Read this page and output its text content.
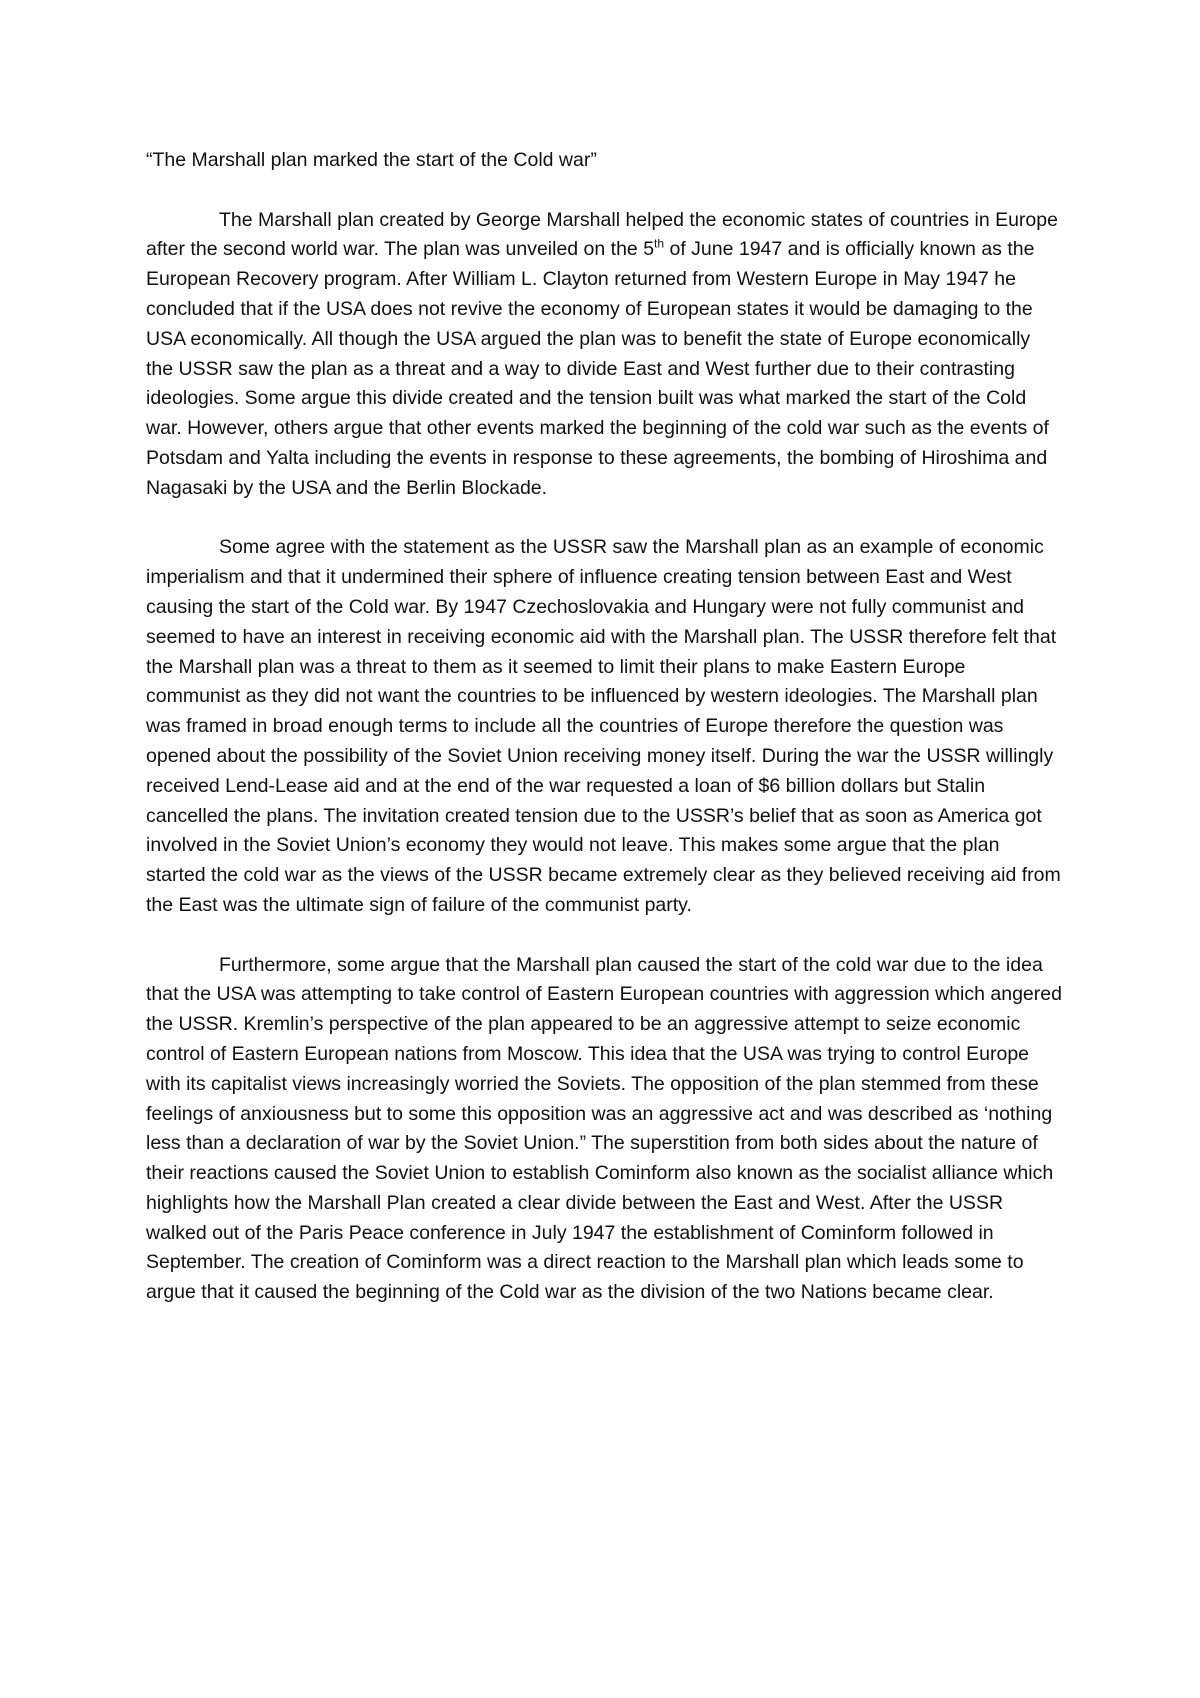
“The Marshall plan marked the start of the Cold war”

The Marshall plan created by George Marshall helped the economic states of countries in Europe after the second world war. The plan was unveiled on the 5th of June 1947 and is officially known as the European Recovery program. After William L. Clayton returned from Western Europe in May 1947 he concluded that if the USA does not revive the economy of European states it would be damaging to the USA economically. All though the USA argued the plan was to benefit the state of Europe economically the USSR saw the plan as a threat and a way to divide East and West further due to their contrasting ideologies. Some argue this divide created and the tension built was what marked the start of the Cold war. However, others argue that other events marked the beginning of the cold war such as the events of Potsdam and Yalta including the events in response to these agreements, the bombing of Hiroshima and Nagasaki by the USA and the Berlin Blockade.

Some agree with the statement as the USSR saw the Marshall plan as an example of economic imperialism and that it undermined their sphere of influence creating tension between East and West causing the start of the Cold war. By 1947 Czechoslovakia and Hungary were not fully communist and seemed to have an interest in receiving economic aid with the Marshall plan. The USSR therefore felt that the Marshall plan was a threat to them as it seemed to limit their plans to make Eastern Europe communist as they did not want the countries to be influenced by western ideologies. The Marshall plan was framed in broad enough terms to include all the countries of Europe therefore the question was opened about the possibility of the Soviet Union receiving money itself. During the war the USSR willingly received Lend-Lease aid and at the end of the war requested a loan of $6 billion dollars but Stalin cancelled the plans. The invitation created tension due to the USSR’s belief that as soon as America got involved in the Soviet Union’s economy they would not leave. This makes some argue that the plan started the cold war as the views of the USSR became extremely clear as they believed receiving aid from the East was the ultimate sign of failure of the communist party.

Furthermore, some argue that the Marshall plan caused the start of the cold war due to the idea that the USA was attempting to take control of Eastern European countries with aggression which angered the USSR. Kremlin’s perspective of the plan appeared to be an aggressive attempt to seize economic control of Eastern European nations from Moscow. This idea that the USA was trying to control Europe with its capitalist views increasingly worried the Soviets. The opposition of the plan stemmed from these feelings of anxiousness but to some this opposition was an aggressive act and was described as ‘nothing less than a declaration of war by the Soviet Union.” The superstition from both sides about the nature of their reactions caused the Soviet Union to establish Cominform also known as the socialist alliance which highlights how the Marshall Plan created a clear divide between the East and West. After the USSR walked out of the Paris Peace conference in July 1947 the establishment of Cominform followed in September. The creation of Cominform was a direct reaction to the Marshall plan which leads some to argue that it caused the beginning of the Cold war as the division of the two Nations became clear.
